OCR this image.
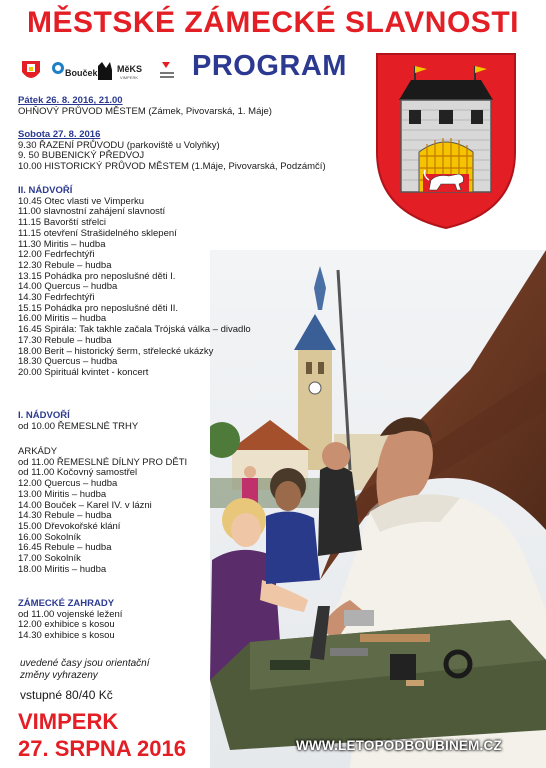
MĚSTSKÉ ZÁMECKÉ SLAVNOSTI
Bouček MěKS
VIMPERK PROGRAM
Pátek 26. 8. 2016, 21.00
OHŇOVÝ PRŮVOD MĚSTEM (Zámek, Pivovarská, 1. Máje)
Sobota 27. 8. 2016
9.30 ŘAZENÍ PRŮVODU (parkoviště u Volyňky)
9. 50 BUBENICKÝ PŘEDVOJ
10.00 HISTORICKÝ PRŮVOD MĚSTEM (1.Máje, Pivovarská, Podzámčí)
II. NÁDVOŘÍ
10.45 Otec vlasti ve Vimperku
11.00 slavnostní zahájení slavností
11.15 Bavorští střelci
11.15 otevření Strašidelného sklepení
11.30 Miritis – hudba
12.00 Fedrfechtýři
12.30 Rebule – hudba
13.15 Pohádka pro neposlušné děti I.
14.00 Quercus – hudba
14.30 Fedrfechtýři
15.15 Pohádka pro neposlušné děti II.
16.00 Miritis – hudba
16.45 Spirála: Tak takhle začala Trójská válka – divadlo
17.30 Rebule – hudba
18.00 Berit – historický šerm, střelecké ukázky
18.30 Quercus – hudba
20.00 Spirituál kvintet - koncert
I. NÁDVOŘÍ
od 10.00 ŘEMESLNÉ TRHY
ARKÁDY
od 11.00 ŘEMESLNÉ DÍLNY PRO DĚTI
od 11.00 Kočovný samostřel
12.00 Quercus – hudba
13.00 Miritis – hudba
14.00 Bouček – Karel IV. v lázni
14.30 Rebule – hudba
15.00 Dřevokořské klání
16.00 Sokolník
16.45 Rebule – hudba
17.00 Sokolník
18.00 Miritis – hudba
ZÁMECKÉ ZAHRADY
od 11.00 vojenské ležení
12.00 exhibice s kosou
14.30 exhibice s kosou
uvedené časy jsou orientační
změny vyhrazeny
vstupné 80/40 Kč
VIMPERK
27. SRPNA 2016	WWW.LETOPODBOUBINEM.CZ
